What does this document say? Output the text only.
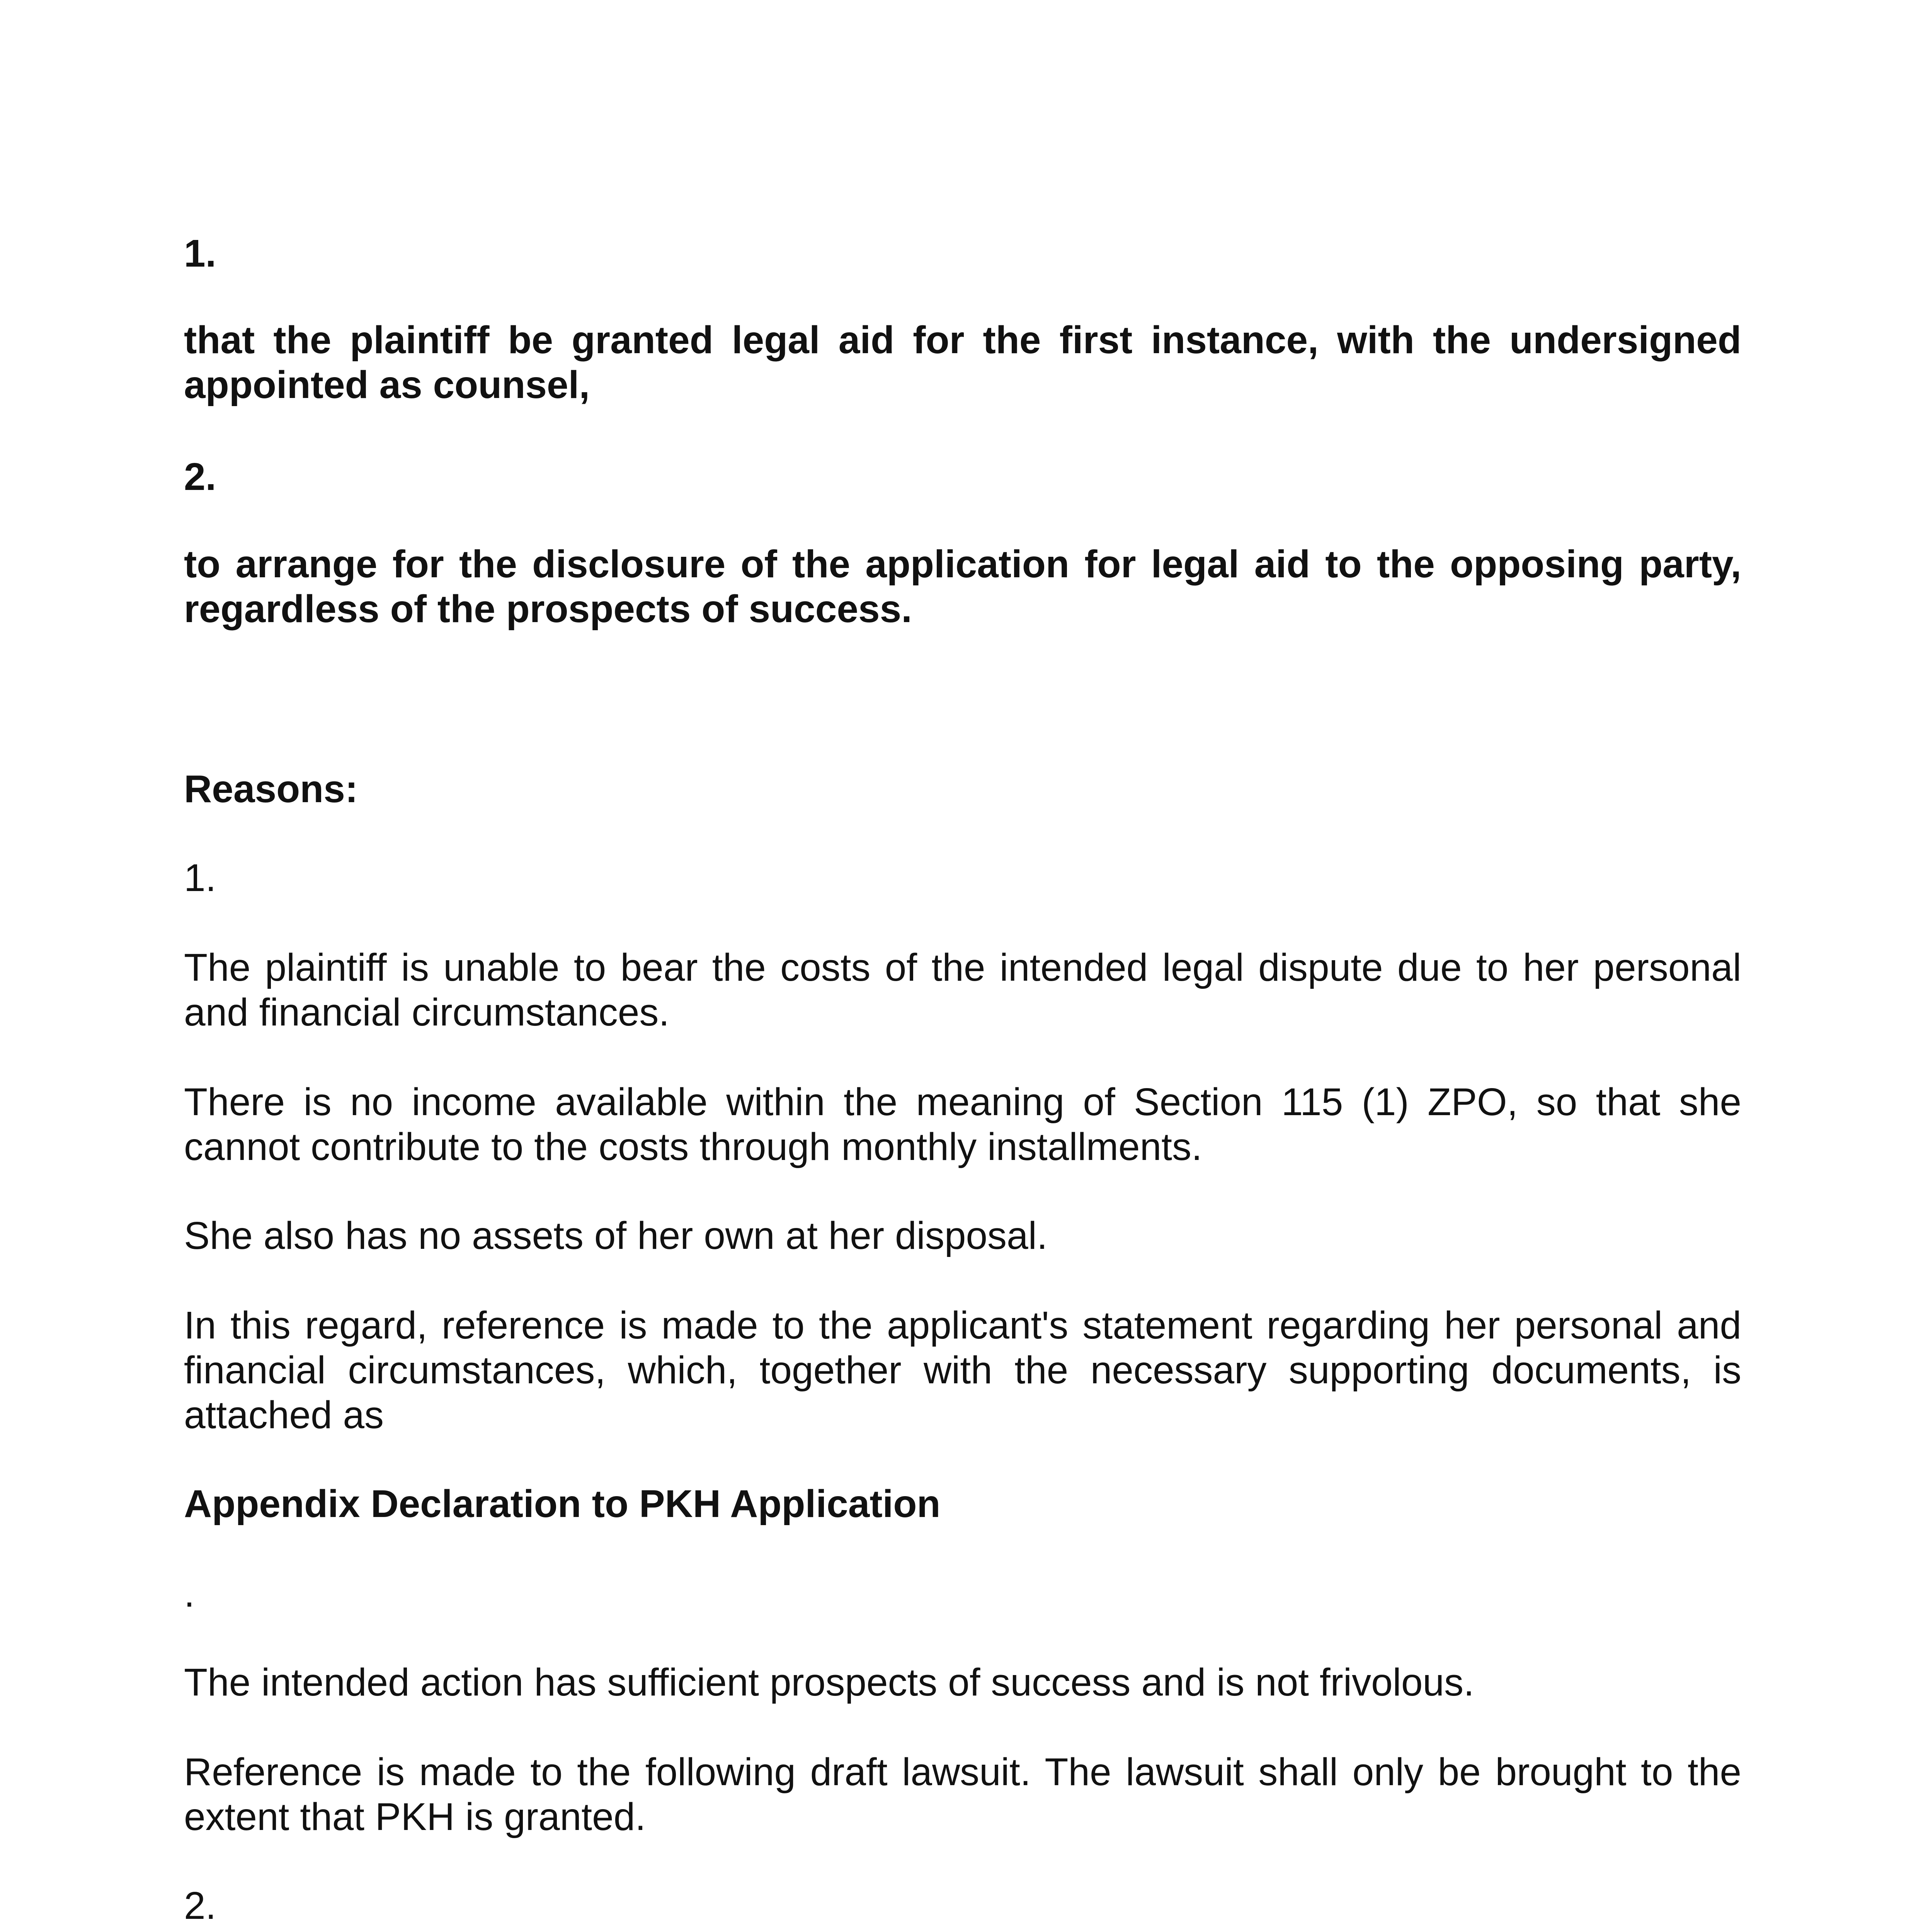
1.

that the plaintiff be granted legal aid for the first instance, with the undersigned appointed as counsel,

2.

to arrange for the disclosure of the application for legal aid to the opposing party, regardless of the prospects of success.

Reasons:

1.

The plaintiff is unable to bear the costs of the intended legal dispute due to her personal and financial circumstances.

There is no income available within the meaning of Section 115 (1) ZPO, so that she cannot contribute to the costs through monthly installments.

She also has no assets of her own at her disposal.

In this regard, reference is made to the applicant's statement regarding her personal and financial circumstances, which, together with the necessary supporting documents, is attached as

Appendix Declaration to PKH Application

.

The intended action has sufficient prospects of success and is not frivolous.

Reference is made to the following draft lawsuit. The lawsuit shall only be brought to the extent that PKH is granted.

2.
